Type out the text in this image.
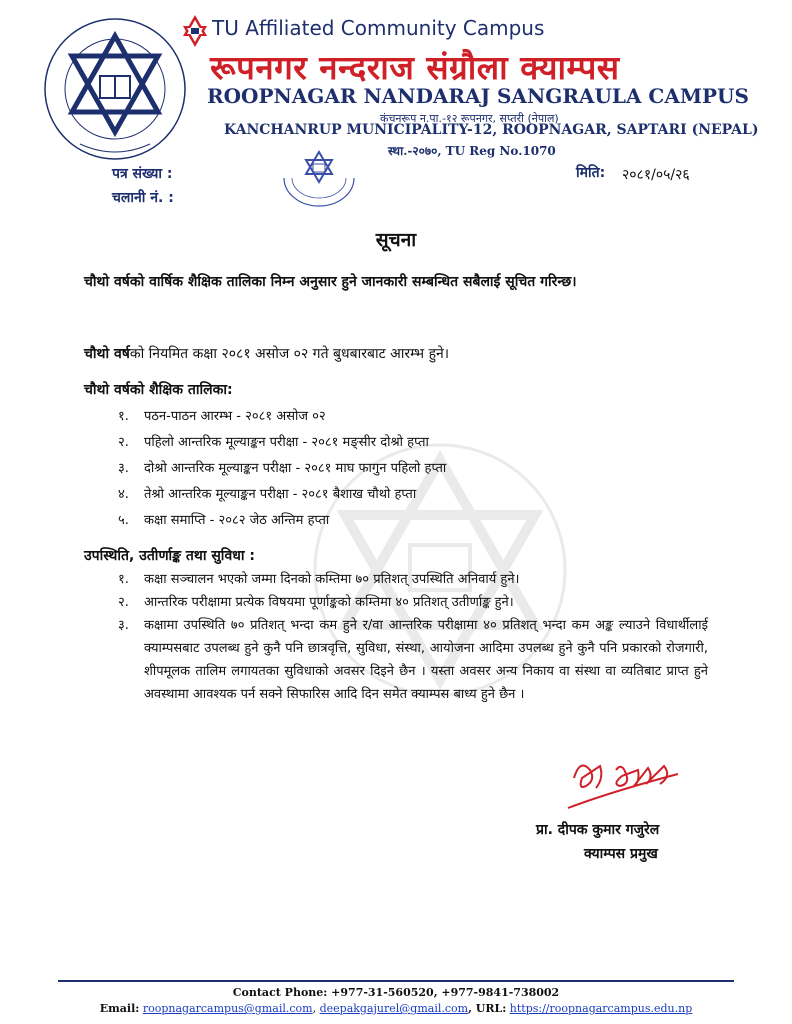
TU Affiliated Community Campus
रूपनगर नन्दराज संग्रौला क्याम्पस
ROOPNAGAR NANDARAJ SANGRAULA CAMPUS
कंचनरूप न.पा.-१२ रूपनगर, सप्तरी (नेपाल)
KANCHANRUP MUNICIPALITY-12, ROOPNAGAR, SAPTARI (NEPAL)
स्था.-२०७०, TU Reg No.1070
पत्र संख्या :
चलानी नं. :
मिति: २०८१/०५/२६
सूचना
चौथो वर्षको वार्षिक शैक्षिक तालिका निम्न अनुसार हुने जानकारी सम्बन्धित सबैलाई सूचित गरिन्छ।
चौथो वर्षको नियमित कक्षा २०८१ असोज ०२ गते बुधबारबाट आरम्भ हुने।
चौथो वर्षको शैक्षिक तालिका:
१. पठन-पाठन आरम्भ - २०८१ असोज ०२
२. पहिलो आन्तरिक मूल्याङ्कन परीक्षा - २०८१ मङ्सीर दोश्रो हप्ता
३. दोश्रो आन्तरिक मूल्याङ्कन परीक्षा - २०८१ माघ फागुन पहिलो हप्ता
४. तेश्रो आन्तरिक मूल्याङ्कन परीक्षा - २०८१ बैशाख चौथो हप्ता
५. कक्षा समाप्ति - २०८२ जेठ अन्तिम हप्ता
उपस्थिति, उतीर्णाङ्क तथा सुविधा :
१.	कक्षा सञ्चालन भएको जम्मा दिनको कम्तिमा ७० प्रतिशत् उपस्थिति अनिवार्य हुने।
२.	आन्तरिक परीक्षामा प्रत्येक विषयमा पूर्णाङ्कको कम्तिमा ४० प्रतिशत् उतीर्णाङ्क हुने।
३.	कक्षामा उपस्थिति ७० प्रतिशत् भन्दा कम हुने र/वा आन्तरिक परीक्षामा ४० प्रतिशत् भन्दा कम अङ्क ल्याउने विधार्थीलाई क्याम्पसबाट उपलब्ध हुने कुनै पनि छात्रवृत्ति, सुविधा, संस्था, आयोजना आदिमा उपलब्ध हुने कुनै पनि प्रकारको रोजगारी, शीपमूलक तालिम लगायतका सुविधाको अवसर दिइने छैन । यस्ता अवसर अन्य निकाय वा संस्था वा व्यतिबाट प्राप्त हुने अवस्थामा आवश्यक पर्न सक्ने सिफारिस आदि दिन समेत क्याम्पस बाध्य हुने छैन ।
प्रा. दीपक कुमार गजुरेल
क्याम्पस प्रमुख
Contact Phone: +977-31-560520, +977-9841-738002
Email: roopnagarcampus@gmail.com, deepakgajurel@gmail.com, URL: https://roopnagarcampus.edu.np
